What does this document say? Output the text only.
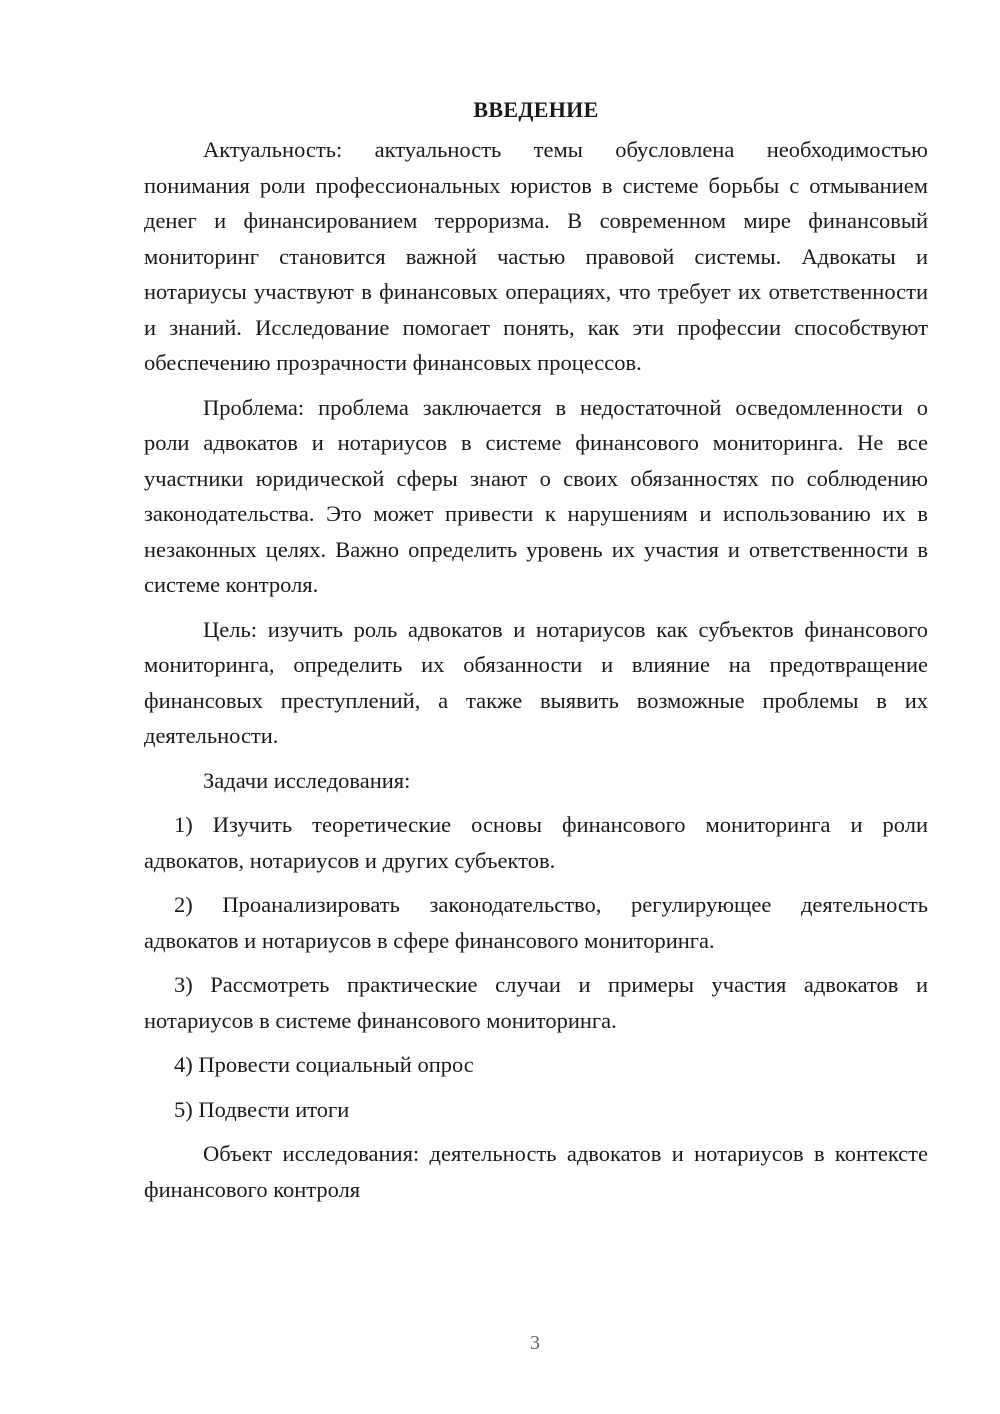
ВВЕДЕНИЕ

Актуальность: актуальность темы обусловлена необходимостью понимания роли профессиональных юристов в системе борьбы с отмыванием денег и финансированием терроризма. В современном мире финансовый мониторинг становится важной частью правовой системы. Адвокаты и нотариусы участвуют в финансовых операциях, что требует их ответственности и знаний. Исследование помогает понять, как эти профессии способствуют обеспечению прозрачности финансовых процессов.

Проблема: проблема заключается в недостаточной осведомленности о роли адвокатов и нотариусов в системе финансового мониторинга. Не все участники юридической сферы знают о своих обязанностях по соблюдению законодательства. Это может привести к нарушениям и использованию их в незаконных целях. Важно определить уровень их участия и ответственности в системе контроля.

Цель: изучить роль адвокатов и нотариусов как субъектов финансового мониторинга, определить их обязанности и влияние на предотвращение финансовых преступлений, а также выявить возможные проблемы в их деятельности.

Задачи исследования:

1) Изучить теоретические основы финансового мониторинга и роли адвокатов, нотариусов и других субъектов.

2) Проанализировать законодательство, регулирующее деятельность адвокатов и нотариусов в сфере финансового мониторинга.

3) Рассмотреть практические случаи и примеры участия адвокатов и нотариусов в системе финансового мониторинга.

4) Провести социальный опрос

5) Подвести итоги

Объект исследования: деятельность адвокатов и нотариусов в контексте финансового контроля

3
